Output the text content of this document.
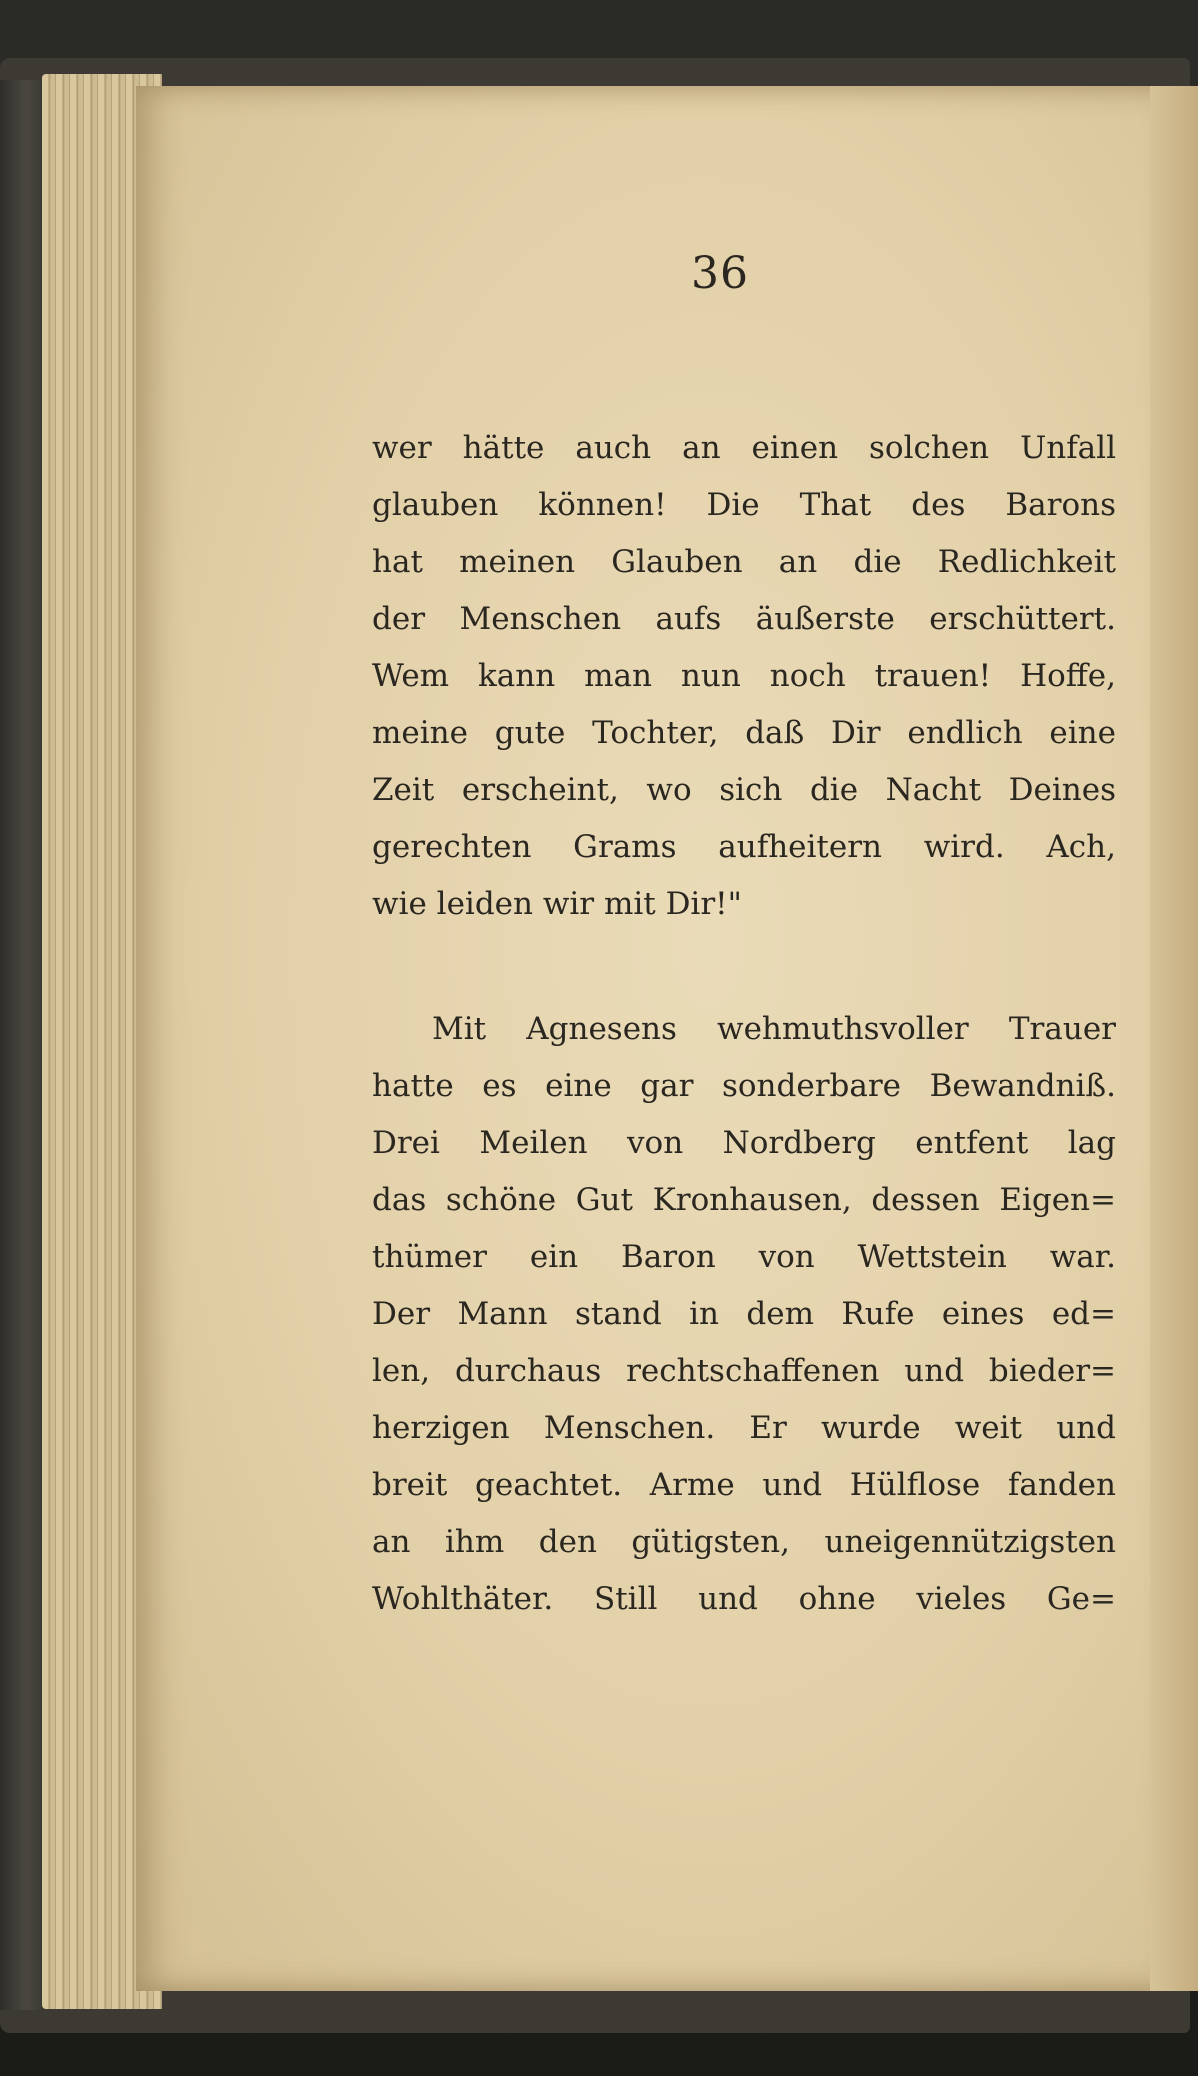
36
wer hätte auch an einen solchen Unfall
glauben können! Die That des Barons
hat meinen Glauben an die Redlichkeit
der Menschen aufs äußerste erschüttert.
Wem kann man nun noch trauen! Hoffe,
meine gute Tochter, daß Dir endlich eine
Zeit erscheint, wo sich die Nacht Deines
gerechten Grams aufheitern wird. Ach,
wie leiden wir mit Dir!"
Mit Agnesens wehmuthsvoller Trauer
hatte es eine gar sonderbare Bewandniß.
Drei Meilen von Nordberg entfent lag
das schöne Gut Kronhausen, dessen Eigen=
thümer ein Baron von Wettstein war.
Der Mann stand in dem Rufe eines ed=
len, durchaus rechtschaffenen und bieder=
herzigen Menschen. Er wurde weit und
breit geachtet. Arme und Hülflose fanden
an ihm den gütigsten, uneigennützigsten
Wohlthäter. Still und ohne vieles Ge=
